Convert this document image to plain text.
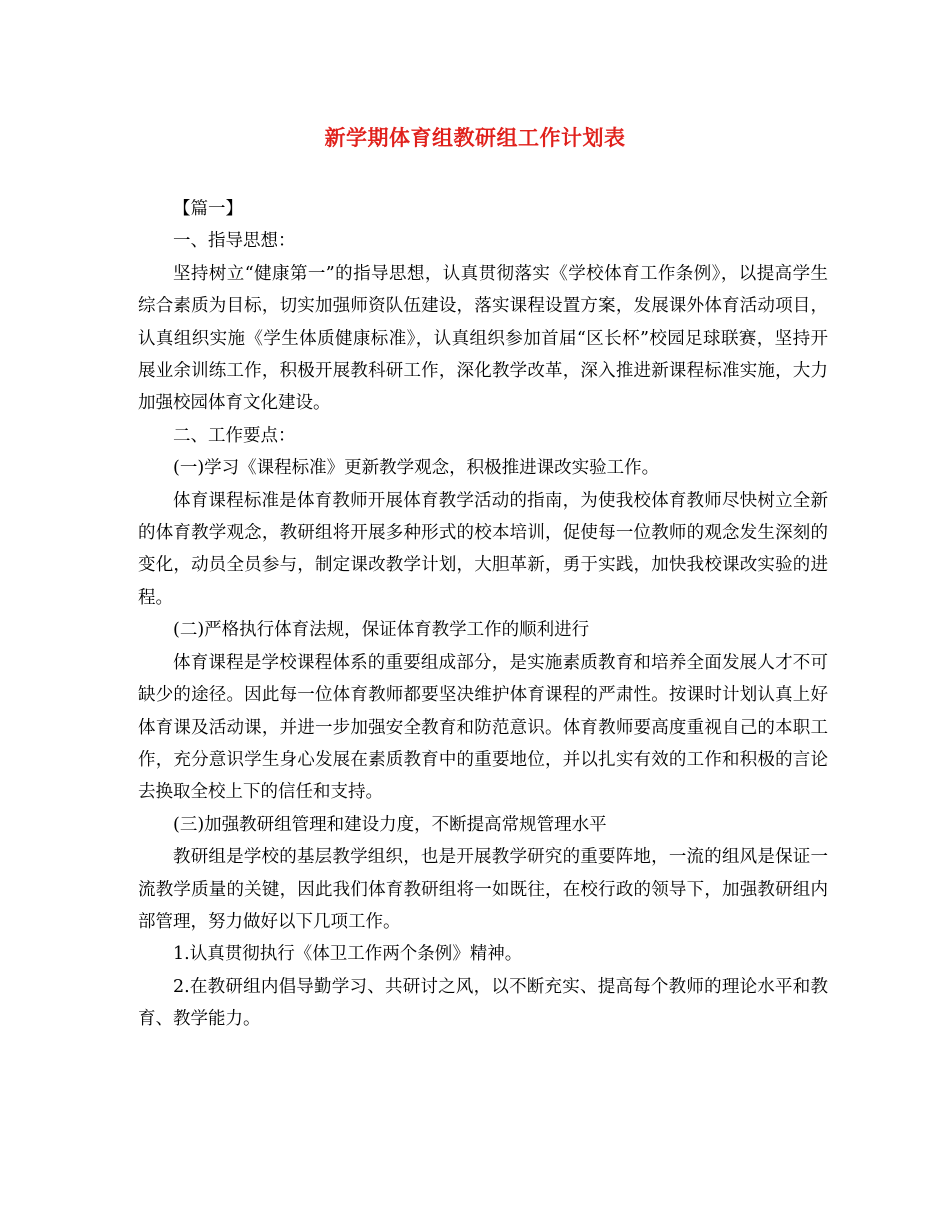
新学期体育组教研组工作计划表

【篇一】

一、指导思想：

坚持树立“健康第一”的指导思想，认真贯彻落实《学校体育工作条例》，以提高学生综合素质为目标，切实加强师资队伍建设，落实课程设置方案，发展课外体育活动项目，认真组织实施《学生体质健康标准》，认真组织参加首届“区长杯”校园足球联赛，坚持开展业余训练工作，积极开展教科研工作，深化教学改革，深入推进新课程标准实施，大力加强校园体育文化建设。

二、工作要点：

(一)学习《课程标准》更新教学观念，积极推进课改实验工作。

体育课程标准是体育教师开展体育教学活动的指南，为使我校体育教师尽快树立全新的体育教学观念，教研组将开展多种形式的校本培训，促使每一位教师的观念发生深刻的变化，动员全员参与，制定课改教学计划，大胆革新，勇于实践，加快我校课改实验的进程。

(二)严格执行体育法规，保证体育教学工作的顺利进行

体育课程是学校课程体系的重要组成部分，是实施素质教育和培养全面发展人才不可缺少的途径。因此每一位体育教师都要坚决维护体育课程的严肃性。按课时计划认真上好体育课及活动课，并进一步加强安全教育和防范意识。体育教师要高度重视自己的本职工作，充分意识学生身心发展在素质教育中的重要地位，并以扎实有效的工作和积极的言论去换取全校上下的信任和支持。

(三)加强教研组管理和建设力度，不断提高常规管理水平

教研组是学校的基层教学组织，也是开展教学研究的重要阵地，一流的组风是保证一流教学质量的关键，因此我们体育教研组将一如既往，在校行政的领导下，加强教研组内部管理，努力做好以下几项工作。

1.认真贯彻执行《体卫工作两个条例》精神。

2.在教研组内倡导勤学习、共研讨之风，以不断充实、提高每个教师的理论水平和教育、教学能力。
